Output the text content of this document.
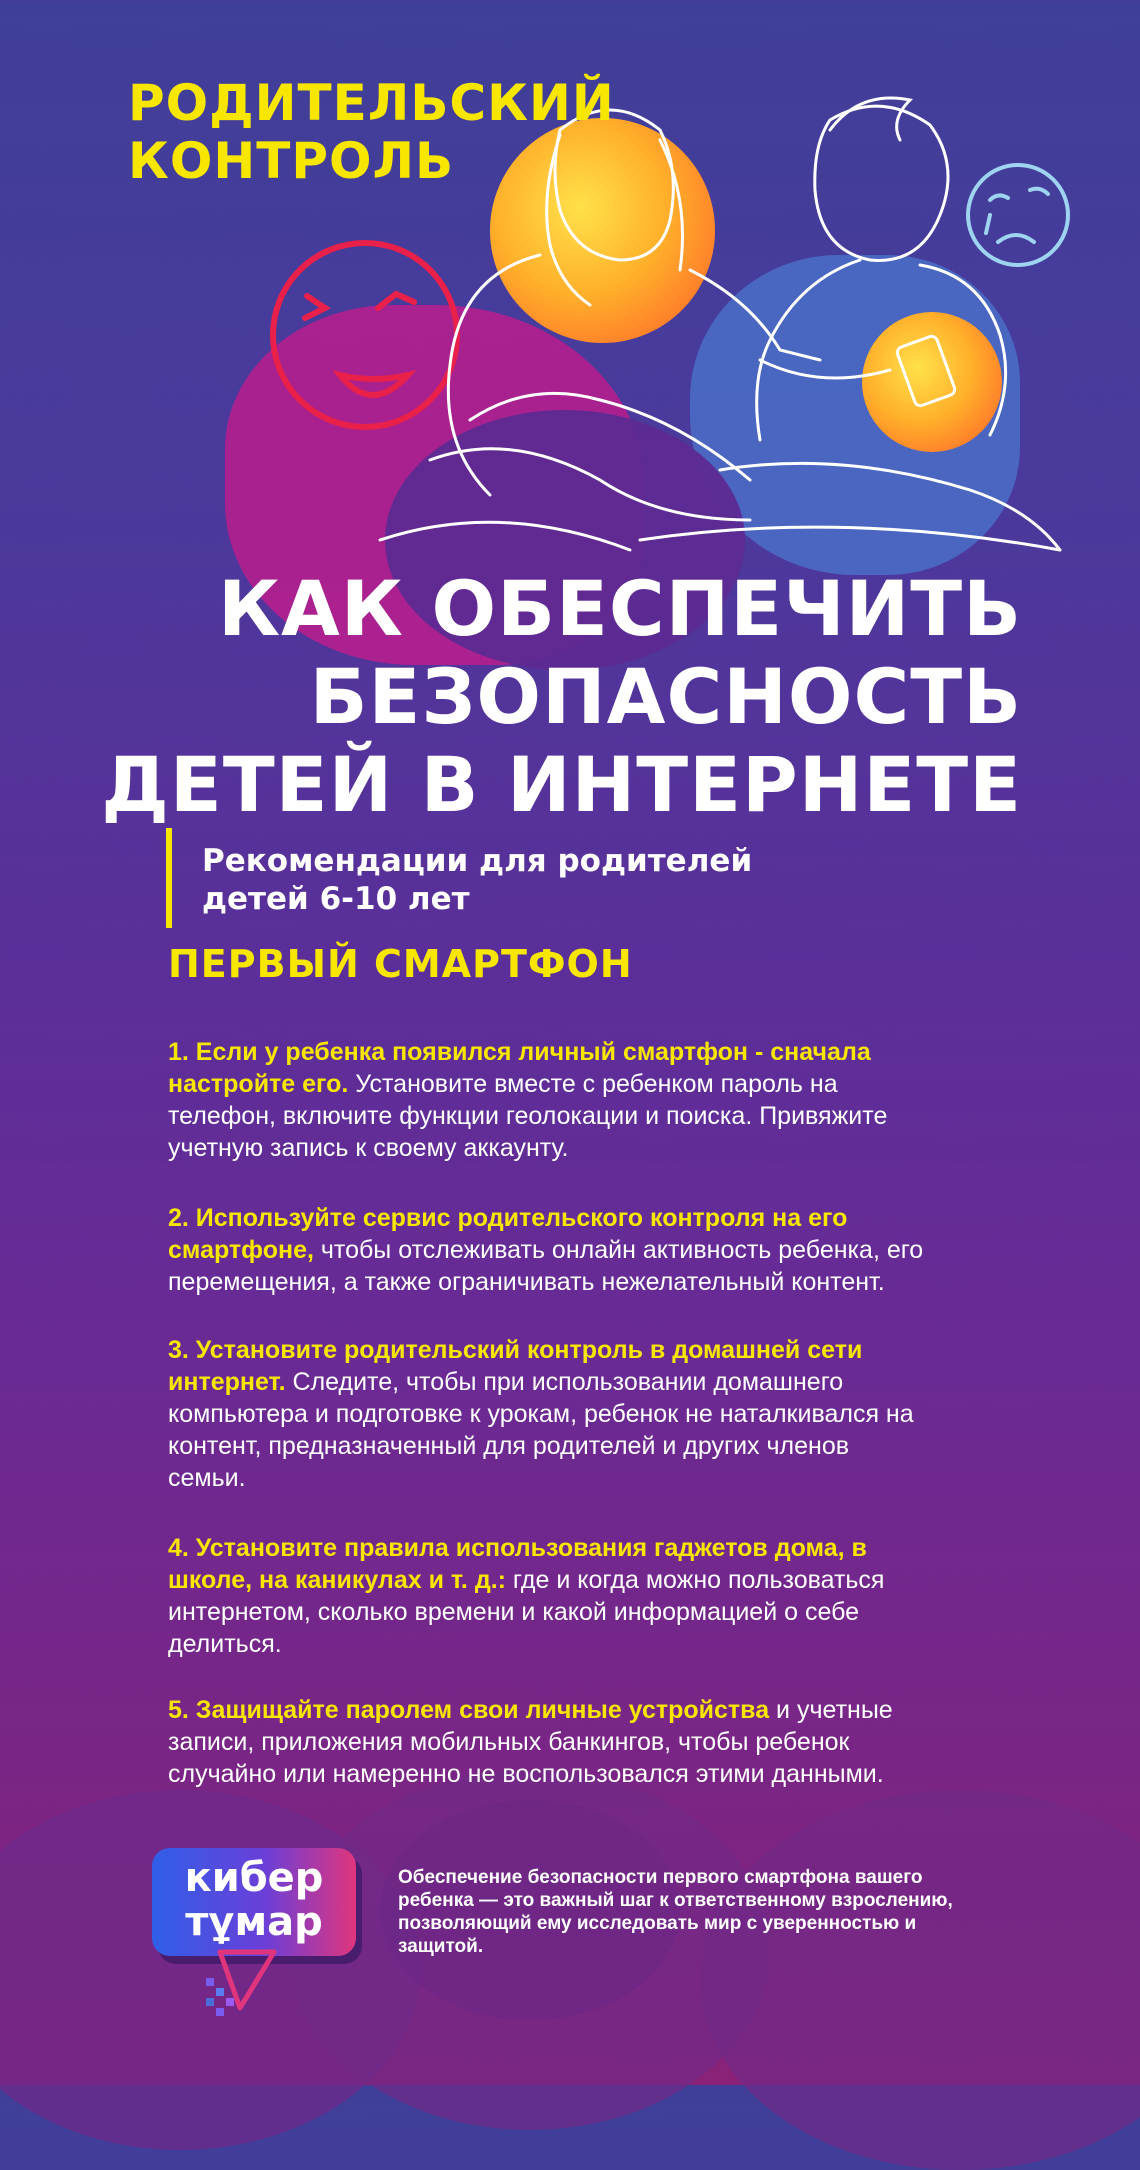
РОДИТЕЛЬСКИЙ
КОНТРОЛЬ
КАК ОБЕСПЕЧИТЬ
БЕЗОПАСНОСТЬ
ДЕТЕЙ В ИНТЕРНЕТЕ

Рекомендации для родителей
детей 6-10 лет

ПЕРВЫЙ СМАРТФОН

1. Если у ребенка появился личный смартфон - сначала
настройте его. Установите вместе с ребенком пароль на
телефон, включите функции геолокации и поиска. Привяжите
учетную запись к своему аккаунту.

2. Используйте сервис родительского контроля на его
смартфоне, чтобы отслеживать онлайн активность ребенка, его
перемещения, а также ограничивать нежелательный контент.

3. Установите родительский контроль в домашней сети
интернет. Следите, чтобы при использовании домашнего
компьютера и подготовке к урокам, ребенок не наталкивался на
контент, предназначенный для родителей и других членов
семьи.

4. Установите правила использования гаджетов дома, в
школе, на каникулах и т. д.: где и когда можно пользоваться
интернетом, сколько времени и какой информацией о себе
делиться.

5. Защищайте паролем свои личные устройства и учетные
записи, приложения мобильных банкингов, чтобы ребенок
случайно или намеренно не воспользовался этими данными.

кибер

тұмар

Обеспечение безопасности первого смартфона вашего
ребенка — это важный шаг к ответственному взрослению,
позволяющий ему исследовать мир с уверенностью и
защитой.
